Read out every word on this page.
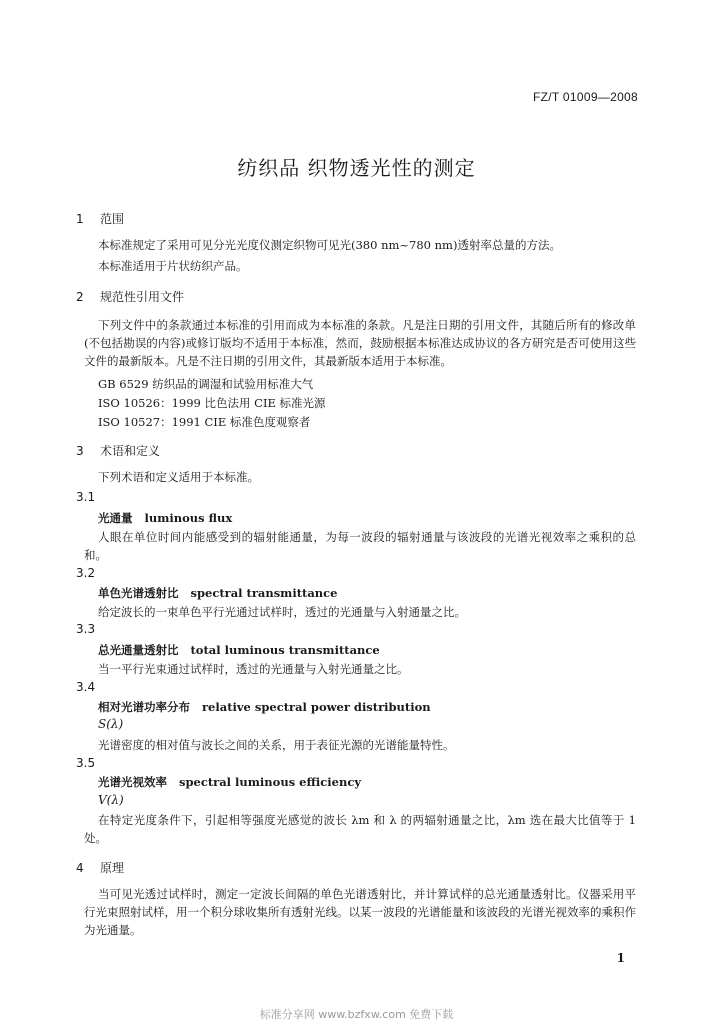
FZ/T 01009—2008
纺织品 织物透光性的测定
1 范围
本标准规定了采用可见分光光度仪测定织物可见光(380 nm~780 nm)透射率总量的方法。
本标准适用于片状纺织产品。
2 规范性引用文件
下列文件中的条款通过本标准的引用而成为本标准的条款。凡是注日期的引用文件，其随后所有的修改单(不包括勘误的内容)或修订版均不适用于本标准，然而，鼓励根据本标准达成协议的各方研究是否可使用这些文件的最新版本。凡是不注日期的引用文件，其最新版本适用于本标准。
GB 6529 纺织品的调湿和试验用标准大气
ISO 10526：1999 比色法用 CIE 标准光源
ISO 10527：1991 CIE 标准色度观察者
3 术语和定义
下列术语和定义适用于本标准。
3.1
光通量 luminous flux
人眼在单位时间内能感受到的辐射能通量，为每一波段的辐射通量与该波段的光谱光视效率之乘积的总和。
3.2
单色光谱透射比 spectral transmittance
给定波长的一束单色平行光通过试样时，透过的光通量与入射通量之比。
3.3
总光通量透射比 total luminous transmittance
当一平行光束通过试样时，透过的光通量与入射光通量之比。
3.4
相对光谱功率分布 relative spectral power distribution
S(λ)
光谱密度的相对值与波长之间的关系，用于表征光源的光谱能量特性。
3.5
光谱光视效率 spectral luminous efficiency
V(λ)
在特定光度条件下，引起相等强度光感觉的波长 λm 和 λ 的两辐射通量之比，λm 选在最大比值等于 1 处。
4 原理
当可见光透过试样时，测定一定波长间隔的单色光谱透射比，并计算试样的总光通量透射比。仪器采用平行光束照射试样，用一个积分球收集所有透射光线。以某一波段的光谱能量和该波段的光谱光视效率的乘积作为光通量。
1
标准分享网 www.bzfxw.com 免费下载
